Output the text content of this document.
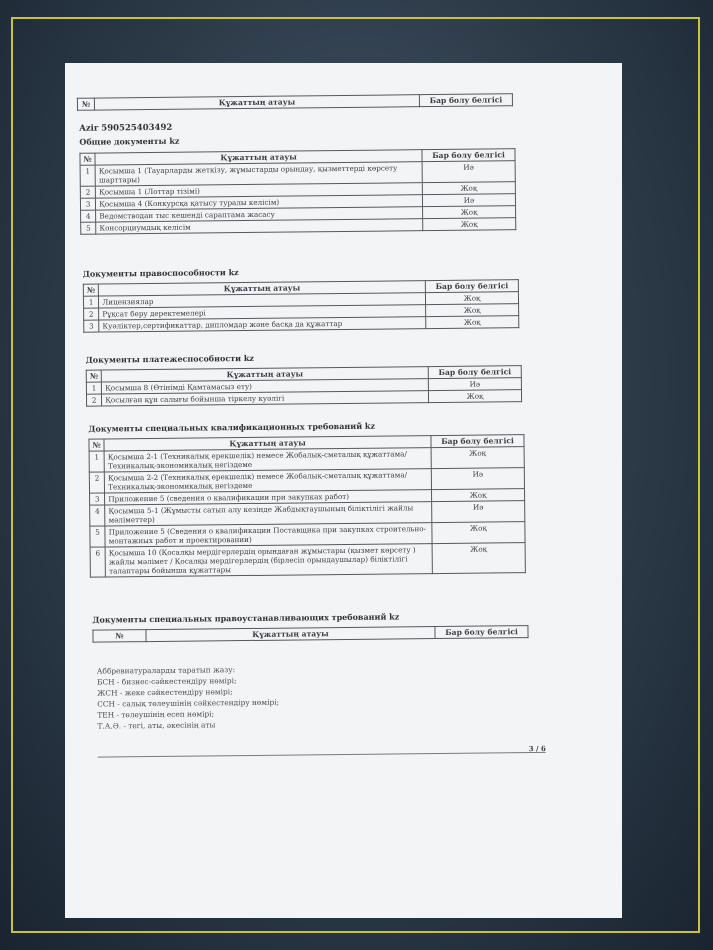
№	Құжаттың атауы	Бар болу белгісі
Azir 590525403492
Общие документы kz
№	Құжаттың атауы	Бар болу белгісі
1	Қосымша 1 (Тауарларды жеткізу, жұмыстарды орындау, қызметтерді көрсету шарттары)	Иә
2	Қосымша 1 (Лоттар тізімі)	Жоқ
3	Қосымша 4 (Конкурсқа қатысу туралы келісім)	Иә
4	Ведомстводан тыс кешенді сараптама жасасу	Жоқ
5	Консорциумдық келісім	Жоқ
Документы правоспособности kz
№	Құжаттың атауы	Бар болу белгісі
1	Лицензиялар	Жоқ
2	Рұқсат беру деректемелері	Жоқ
3	Куәліктер,сертификаттар, дипломдар және басқа да құжаттар	Жоқ
Документы платежеспособности kz
№	Құжаттың атауы	Бар болу белгісі
1	Қосымша 8 (Өтінімді Қамтамасыз ету)	Иә
2	Қосылған құн салығы бойынша тіркелу куәлігі	Жоқ
Документы специальных квалификационных требований kz
№	Құжаттың атауы	Бар болу белгісі
1	Қосымша 2-1 (Техникалық ерекшелік) немесе Жобалық-сметалық құжаттама/Техникалық-экономикалық негіздеме	Жоқ
2	Қосымша 2-2 (Техникалық ерекшелік) немесе Жобалық-сметалық құжаттама/Техникалық-экономикалық негіздеме	Иә
3	Приложение 5 (сведения о квалификации при закупках работ)	Жоқ
4	Қосымша 5-1 (Жұмысты сатып алу кезінде Жабдықтаушының біліктілігі жайлы мәліметтер)	Иә
5	Приложение 5 (Сведения о квалификации Поставщика при закупках строительно-монтажных работ и проектировании)	Жоқ
6	Қосымша 10 (Қосалқы мердігерлердің орындаған жұмыстары (қызмет көрсету ) жайлы мәлімет / Қосалқы мердігерлердің (бірлесіп орындаушылар) біліктілігі талаптары бойынша құжаттары	Жоқ
Документы специальных правоустанавливающих требований kz
№	Құжаттың атауы	Бар болу белгісі
Аббревиатураларды таратып жазу:
БСН - бизнес-сәйкестендіру нөмірі;
ЖСН - жеке сәйкестендіру нөмірі;
ССН - салық төлеушінің сәйкестендіру нөмірі;
ТЕН - төлеушінің есеп нөмірі;
Т.А.Ә. - тегі, аты, әкесінің аты
3 / 6
